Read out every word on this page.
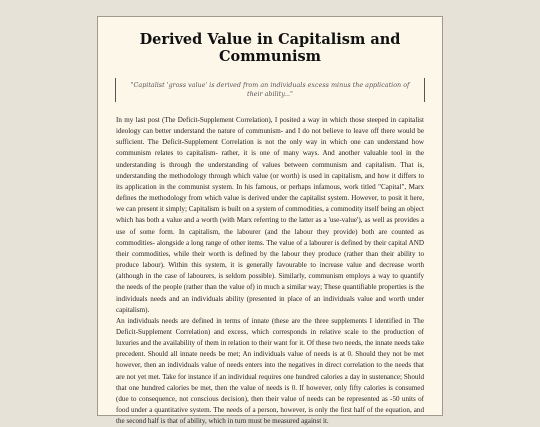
Derived Value in Capitalism and Communism
"Capitalist 'gross value' is derived from an individuals excess minus the application of their ability..."

In my last post (The Deficit-Supplement Correlation), I posited a way in which those steeped in capitalist ideology can better understand the nature of communism- and I do not believe to leave off there would be sufficient. The Deficit-Supplement Correlation is not the only way in which one can understand how communism relates to capitalism- rather, it is one of many ways. And another valuable tool in the understanding is through the understanding of values between communism and capitalism. That is, understanding the methodology through which value (or worth) is used in capitalism, and how it differs to its application in the communist system. In his famous, or perhaps infamous, work titled "Capital", Marx defines the methodology from which value is derived under the capitalist system. However, to posit it here, we can present it simply; Capitalism is built on a system of commodities, a commodity itself being an object which has both a value and a worth (with Marx referring to the latter as a 'use-value'), as well as provides a use of some form. In capitalism, the labourer (and the labour they provide) both are counted as commodities- alongside a long range of other items. The value of a labourer is defined by their capital AND their commodities, while their worth is defined by the labour they produce (rather than their ability to produce labour). Within this system, it is generally favourable to increase value and decrease worth (although in the case of labourers, is seldom possible). Similarly, communism employs a way to quantify the needs of the people (rather than the value of) in much a similar way; These quantifiable properties is the individuals needs and an individuals ability (presented in place of an individuals value and worth under capitalism).

An individuals needs are defined in terms of innate (these are the three supplements I identified in The Deficit-Supplement Correlation) and excess, which corresponds in relative scale to the production of luxuries and the availability of them in relation to their want for it. Of these two needs, the innate needs take precedent. Should all innate needs be met; An individuals value of needs is at 0. Should they not be met however, then an individuals value of needs enters into the negatives in direct correlation to the needs that are not yet met. Take for instance if an individual requires one hundred calories a day in sustenance; Should that one hundred calories be met, then the value of needs is 0. If however, only fifty calories is consumed (due to consequence, not conscious decision), then their value of needs can be represented as -50 units of food under a quantitative system. The needs of a person, however, is only the first half of the equation, and the second half is that of ability, which in turn must be measured against it.
